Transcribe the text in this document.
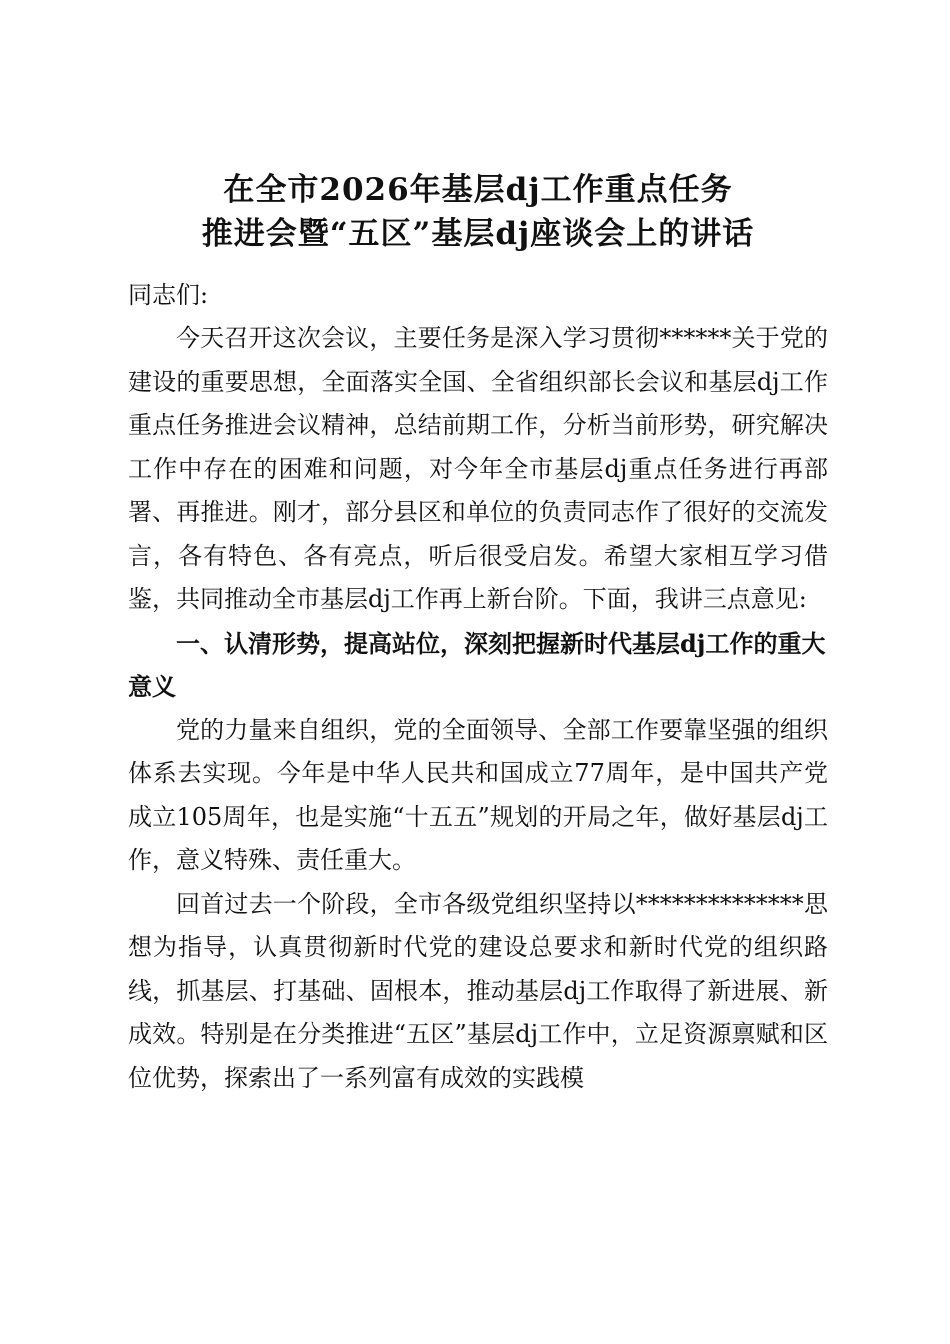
在全市2026年基层dj工作重点任务
推进会暨“五区”基层dj座谈会上的讲话
同志们:

今天召开这次会议，主要任务是深入学习贯彻******关于党的建设的重要思想，全面落实全国、全省组织部长会议和基层dj工作重点任务推进会议精神，总结前期工作，分析当前形势，研究解决工作中存在的困难和问题，对今年全市基层dj重点任务进行再部署、再推进。刚才，部分县区和单位的负责同志作了很好的交流发言，各有特色、各有亮点，听后很受启发。希望大家相互学习借鉴，共同推动全市基层dj工作再上新台阶。下面，我讲三点意见:

一、认清形势，提高站位，深刻把握新时代基层dj工作的重大意义

党的力量来自组织，党的全面领导、全部工作要靠坚强的组织体系去实现。今年是中华人民共和国成立77周年，是中国共产党成立105周年，也是实施“十五五”规划的开局之年，做好基层dj工作，意义特殊、责任重大。

回首过去一个阶段，全市各级党组织坚持以**************思想为指导，认真贯彻新时代党的建设总要求和新时代党的组织路线，抓基层、打基础、固根本，推动基层dj工作取得了新进展、新成效。特别是在分类推进“五区”基层dj工作中，立足资源禀赋和区位优势，探索出了一系列富有成效的实践模
